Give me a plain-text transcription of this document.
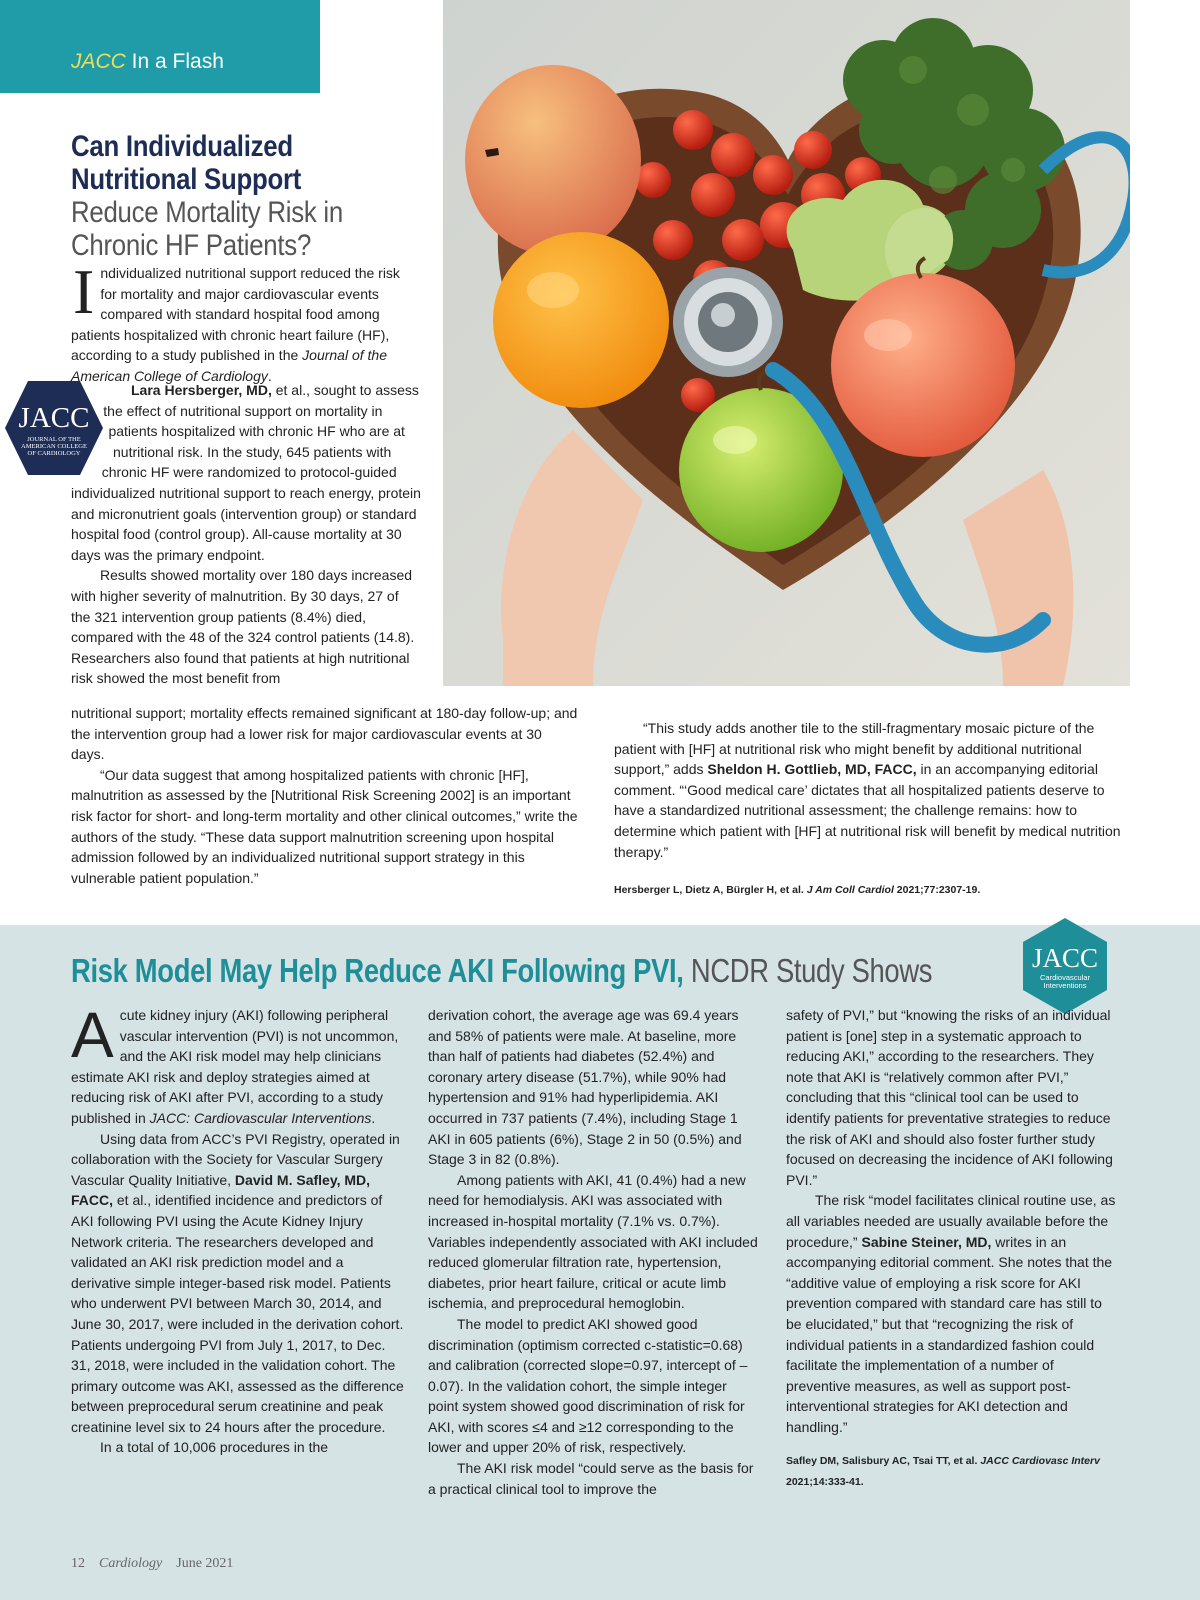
JACC In a Flash
Can Individualized Nutritional Support Reduce Mortality Risk in Chronic HF Patients?
I ndividualized nutritional support reduced the risk for mortality and major cardiovascular events compared with standard hospital food among patients hospitalized with chronic heart failure (HF), according to a study published in the Journal of the American College of Cardiology.
JACC
JOURNAL OF THE
AMERICAN COLLEGE
OF CARDIOLOGY

Lara Hersberger, MD, et al., sought to assess the effect of nutritional support on mortality in patients hospitalized with chronic HF who are at nutritional risk. In the study, 645 patients with chronic HF were randomized to protocol-guided individualized nutritional support to reach energy, protein and micronutrient goals (intervention group) or standard hospital food (control group). All-cause mortality at 30 days was the primary endpoint.

Results showed mortality over 180 days increased with higher severity of malnutrition. By 30 days, 27 of the 321 intervention group patients (8.4%) died, compared with the 48 of the 324 control patients (14.8). Researchers also found that patients at high nutritional risk showed the most benefit from

nutritional support; mortality effects remained significant at 180-day follow-up; and the intervention group had a lower risk for major cardiovascular events at 30 days.

“Our data suggest that among hospitalized patients with chronic [HF], malnutrition as assessed by the [Nutritional Risk Screening 2002] is an important risk factor for short- and long-term mortality and other clinical outcomes,” write the authors of the study. “These data support malnutrition screening upon hospital admission followed by an individualized nutritional support strategy in this vulnerable patient population.”

“This study adds another tile to the still-fragmentary mosaic picture of the patient with [HF] at nutritional risk who might benefit by additional nutritional support,” adds Sheldon H. Gottlieb, MD, FACC, in an accompanying editorial comment. “‘Good medical care’ dictates that all hospitalized patients deserve to have a standardized nutritional assessment; the challenge remains: how to determine which patient with [HF] at nutritional risk will benefit by medical nutrition therapy.”

Hersberger L, Dietz A, Bürgler H, et al. J Am Coll Cardiol 2021;77:2307-19.

Risk Model May Help Reduce AKI Following PVI, NCDR Study Shows	JACC
Cardiovascular
Interventions
A cute kidney injury (AKI) following peripheral vascular intervention (PVI) is not uncommon, and the AKI risk model may help clinicians estimate AKI risk and deploy strategies aimed at reducing risk of AKI after PVI, according to a study published in JACC: Cardiovascular Interventions.

Using data from ACC’s PVI Registry, operated in collaboration with the Society for Vascular Surgery Vascular Quality Initiative, David M. Safley, MD, FACC, et al., identified incidence and predictors of AKI following PVI using the Acute Kidney Injury Network criteria. The researchers developed and validated an AKI risk prediction model and a derivative simple integer-based risk model. Patients who underwent PVI between March 30, 2014, and June 30, 2017, were included in the derivation cohort. Patients undergoing PVI from July 1, 2017, to Dec. 31, 2018, were included in the validation cohort. The primary outcome was AKI, assessed as the difference between preprocedural serum creatinine and peak creatinine level six to 24 hours after the procedure.

In a total of 10,006 procedures in the

derivation cohort, the average age was 69.4 years and 58% of patients were male. At baseline, more than half of patients had diabetes (52.4%) and coronary artery disease (51.7%), while 90% had hypertension and 91% had hyperlipidemia. AKI occurred in 737 patients (7.4%), including Stage 1 AKI in 605 patients (6%), Stage 2 in 50 (0.5%) and Stage 3 in 82 (0.8%).

Among patients with AKI, 41 (0.4%) had a new need for hemodialysis. AKI was associated with increased in-hospital mortality (7.1% vs. 0.7%). Variables independently associated with AKI included reduced glomerular filtration rate, hypertension, diabetes, prior heart failure, critical or acute limb ischemia, and preprocedural hemoglobin.

The model to predict AKI showed good discrimination (optimism corrected c-statistic=0.68) and calibration (corrected slope=0.97, intercept of –0.07). In the validation cohort, the simple integer point system showed good discrimination of risk for AKI, with scores ≤4 and ≥12 corresponding to the lower and upper 20% of risk, respectively.

The AKI risk model “could serve as the basis for a practical clinical tool to improve the

safety of PVI,” but “knowing the risks of an individual patient is [one] step in a systematic approach to reducing AKI,” according to the researchers. They note that AKI is “relatively common after PVI,” concluding that this “clinical tool can be used to identify patients for preventative strategies to reduce the risk of AKI and should also foster further study focused on decreasing the incidence of AKI following PVI.”

The risk “model facilitates clinical routine use, as all variables needed are usually available before the procedure,” Sabine Steiner, MD, writes in an accompanying editorial comment. She notes that the “additive value of employing a risk score for AKI prevention compared with standard care has still to be elucidated,” but that “recognizing the risk of individual patients in a standardized fashion could facilitate the implementation of a number of preventive measures, as well as support post-interventional strategies for AKI detection and handling.”

Safley DM, Salisbury AC, Tsai TT, et al. JACC Cardiovasc Interv 2021;14:333-41.

12 Cardiology June 2021
